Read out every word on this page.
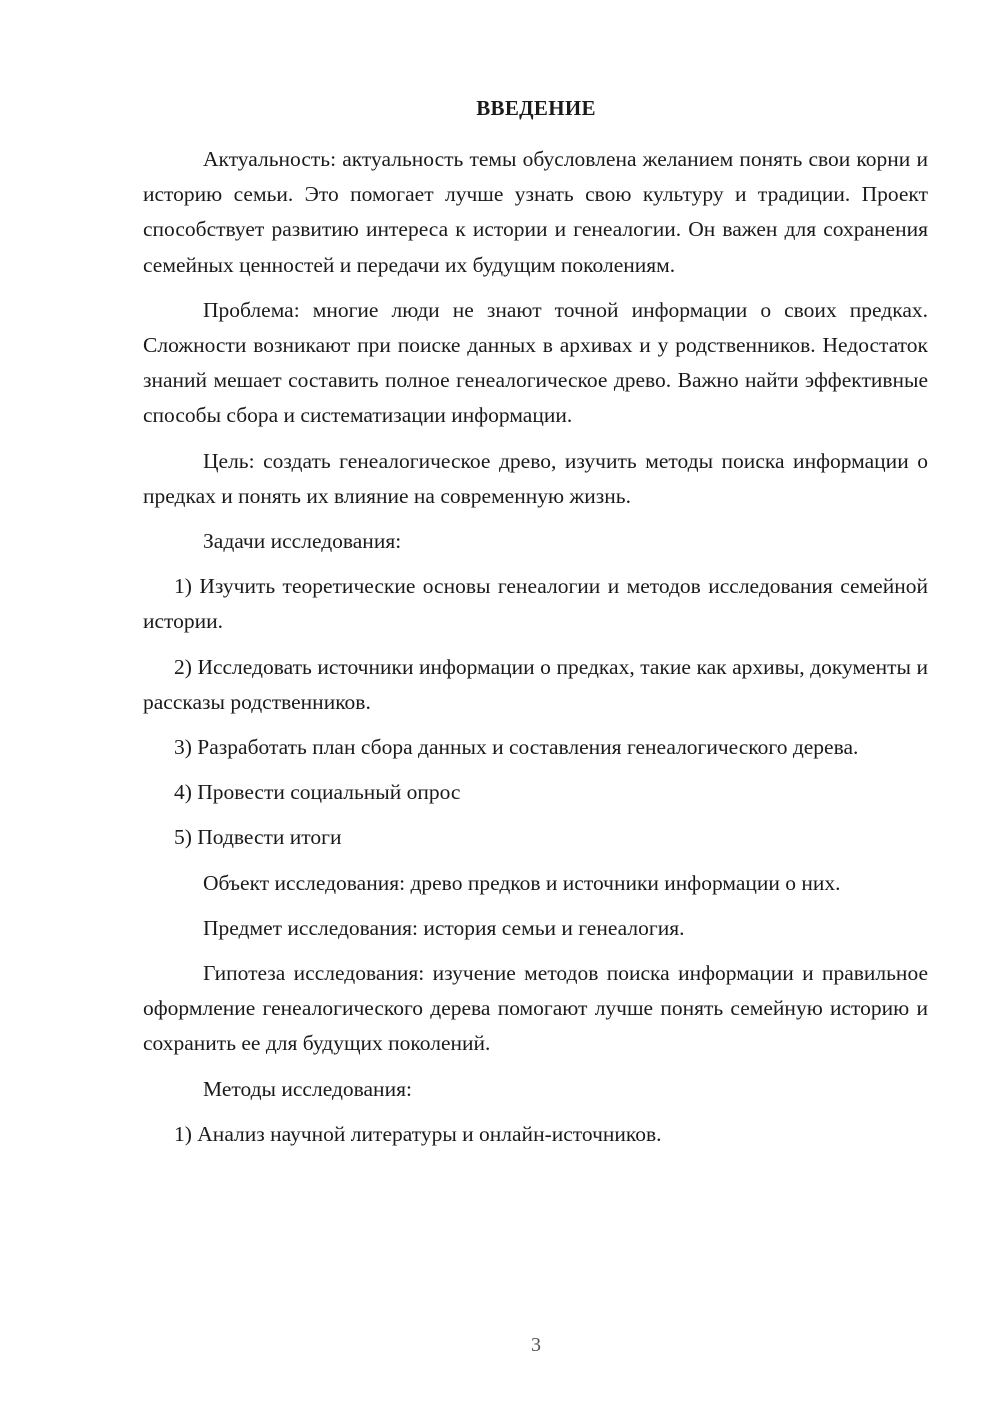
ВВЕДЕНИЕ

Актуальность: актуальность темы обусловлена желанием понять свои корни и историю семьи. Это помогает лучше узнать свою культуру и традиции. Проект способствует развитию интереса к истории и генеалогии. Он важен для сохранения семейных ценностей и передачи их будущим поколениям.

Проблема: многие люди не знают точной информации о своих предках. Сложности возникают при поиске данных в архивах и у родственников. Недостаток знаний мешает составить полное генеалогическое древо. Важно найти эффективные способы сбора и систематизации информации.

Цель: создать генеалогическое древо, изучить методы поиска информации о предках и понять их влияние на современную жизнь.

Задачи исследования:

1) Изучить теоретические основы генеалогии и методов исследования семейной истории.

2) Исследовать источники информации о предках, такие как архивы, документы и рассказы родственников.

3) Разработать план сбора данных и составления генеалогического дерева.

4) Провести социальный опрос

5) Подвести итоги

Объект исследования: древо предков и источники информации о них.

Предмет исследования: история семьи и генеалогия.

Гипотеза исследования: изучение методов поиска информации и правильное оформление генеалогического дерева помогают лучше понять семейную историю и сохранить ее для будущих поколений.

Методы исследования:

1) Анализ научной литературы и онлайн-источников.

3
